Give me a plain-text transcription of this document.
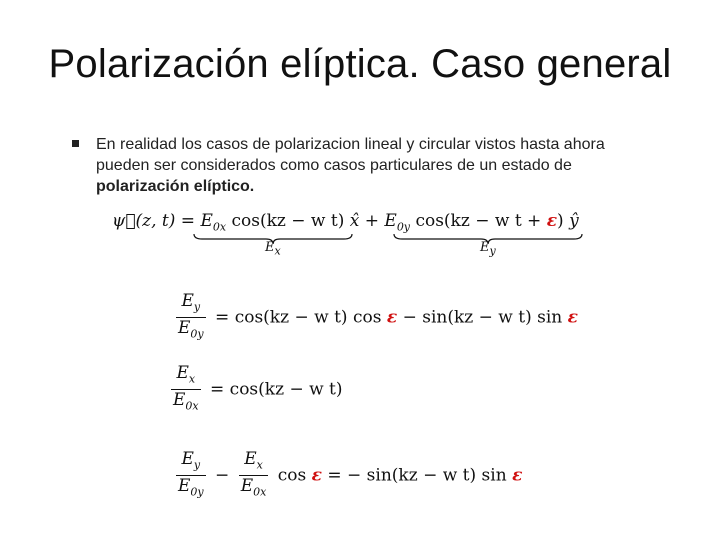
Polarización elíptica. Caso general
En realidad los casos de polarizacion lineal y circular vistos hasta ahora
pueden ser considerados como casos particulares de un estado de
polarización elíptico.
ψ⃗(z, $t) = E_{0x}$ cos(kz − w t) x̂ + $E_{0y}$ cos(kz − w t + ε) ŷ
$E_x$	$E_y$
$\frac{E_y}{E_{0y}} = \cos(kz - w$ t) cos ε − sin(kz − w t) sin ε
$\frac{E_x}{E_{0x}} = \cos(kz - w$ t)
$\frac{E_y}{E_{0y}} - \frac{E_x}{E_{0x}}$ cos ε = − sin(kz − w t) sin ε
